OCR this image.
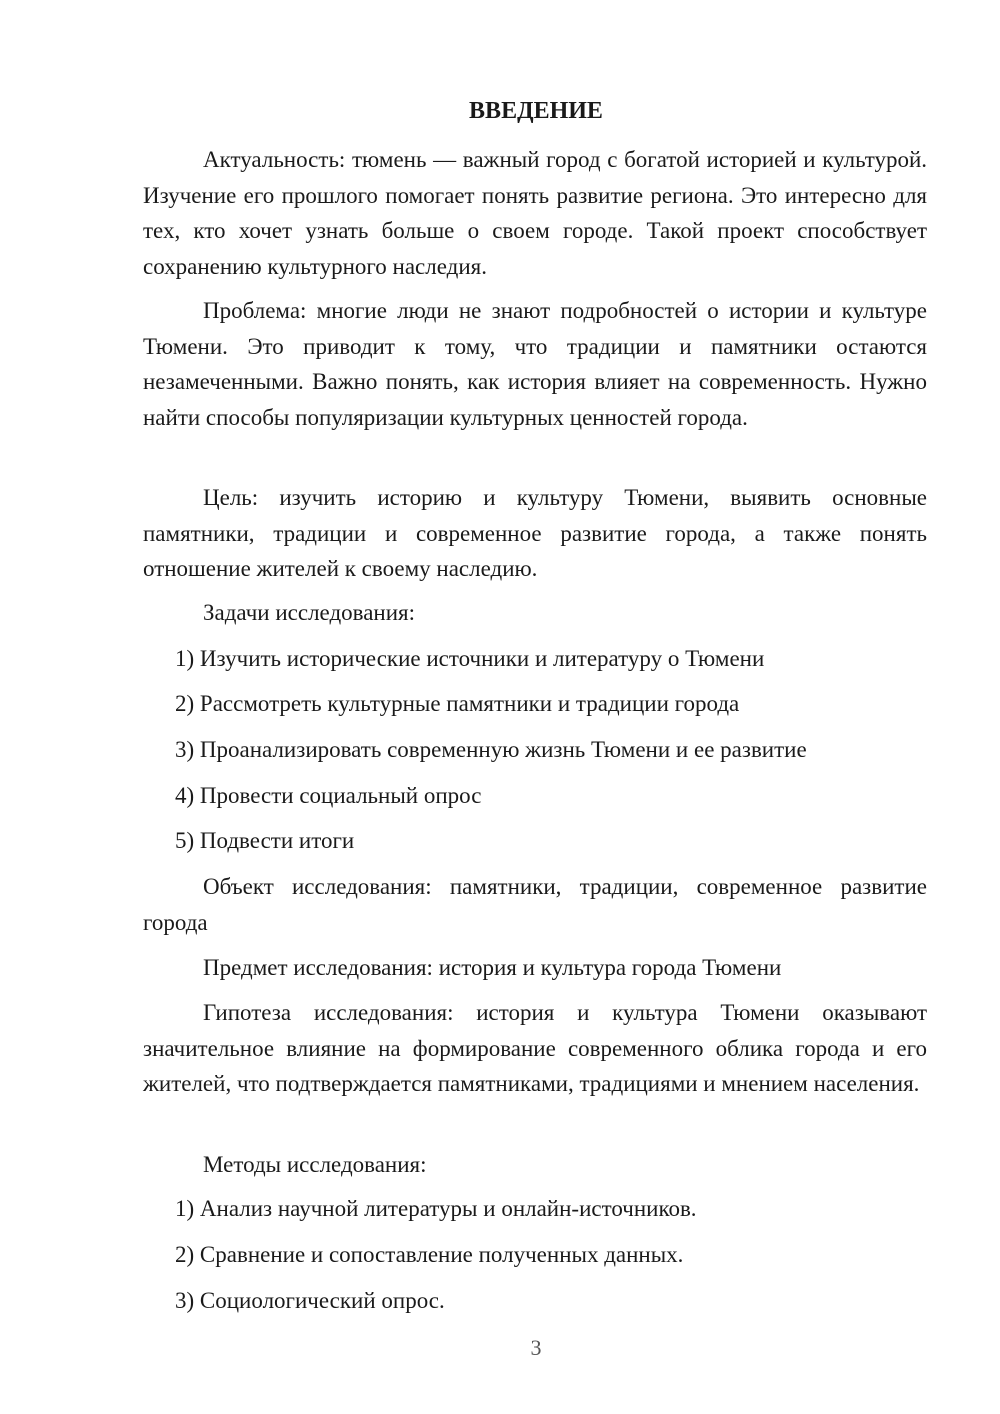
ВВЕДЕНИЕ

Актуальность: тюмень — важный город с богатой историей и культурой. Изучение его прошлого помогает понять развитие региона. Это интересно для тех, кто хочет узнать больше о своем городе. Такой проект способствует сохранению культурного наследия.

Проблема: многие люди не знают подробностей о истории и культуре Тюмени. Это приводит к тому, что традиции и памятники остаются незамеченными. Важно понять, как история влияет на современность. Нужно найти способы популяризации культурных ценностей города.

Цель: изучить историю и культуру Тюмени, выявить основные памятники, традиции и современное развитие города, а также понять отношение жителей к своему наследию.

Задачи исследования:

1) Изучить исторические источники и литературу о Тюмени

2) Рассмотреть культурные памятники и традиции города

3) Проанализировать современную жизнь Тюмени и ее развитие

4) Провести социальный опрос

5) Подвести итоги

Объект исследования: памятники, традиции, современное развитие города

Предмет исследования: история и культура города Тюмени

Гипотеза исследования: история и культура Тюмени оказывают значительное влияние на формирование современного облика города и его жителей, что подтверждается памятниками, традициями и мнением населения.

Методы исследования:

1) Анализ научной литературы и онлайн-источников.

2) Сравнение и сопоставление полученных данных.

3) Социологический опрос.

3
